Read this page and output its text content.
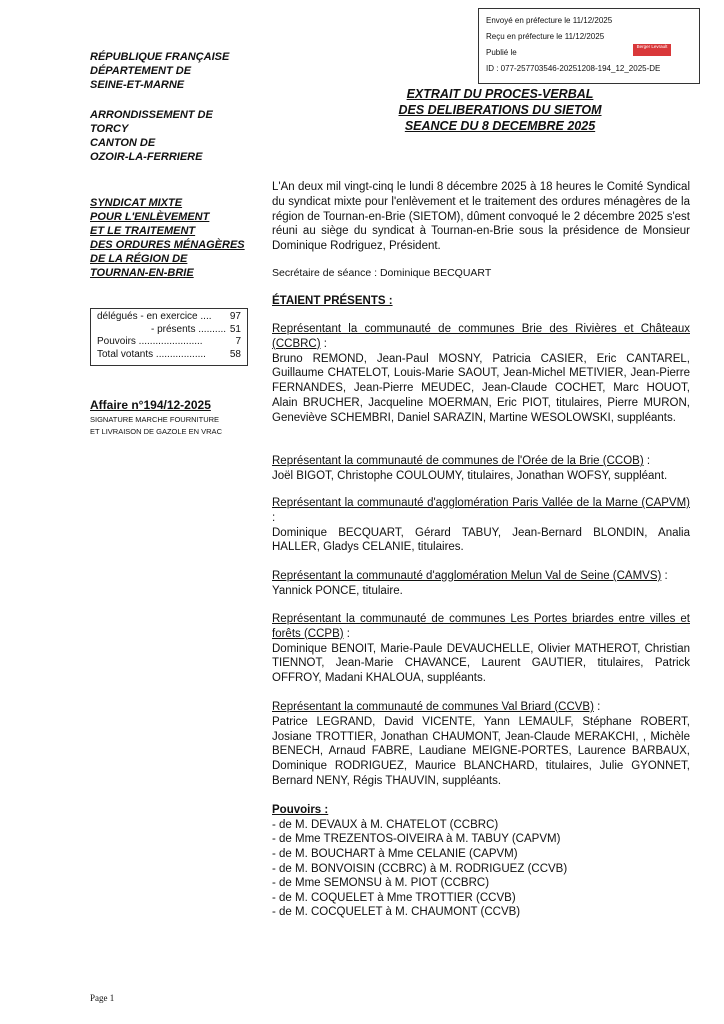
Envoyé en préfecture le 11/12/2025
Reçu en préfecture le 11/12/2025
Publié le
ID : 077-257703546-20251208-194_12_2025-DE
Berger Levrault
RÉPUBLIQUE FRANÇAISE
DÉPARTEMENT DE
SEINE-ET-MARNE
ARRONDISSEMENT DE
TORCY
CANTON DE
OZOIR-LA-FERRIERE
SYNDICAT MIXTE
POUR L'ENLÈVEMENT
ET LE TRAITEMENT
DES ORDURES MÉNAGÈRES
DE LA RÉGION DE
TOURNAN-EN-BRIE
EXTRAIT DU PROCES-VERBAL
DES DELIBERATIONS DU SIETOM
SEANCE DU 8 DECEMBRE 2025
délégués - en exercice .... 97
- présents .......... 51
Pouvoirs .......................	7
Total votants .................. 58
Affaire n°194/12-2025
SIGNATURE MARCHE FOURNITURE
ET LIVRAISON DE GAZOLE EN VRAC
L'An deux mil vingt-cinq le lundi 8 décembre 2025 à 18 heures le Comité Syndical du syndicat mixte pour l'enlèvement et le traitement des ordures ménagères de la région de Tournan-en-Brie (SIETOM), dûment convoqué le 2 décembre 2025 s'est réuni au siège du syndicat à Tournan-en-Brie sous la présidence de Monsieur Dominique Rodriguez, Président.
Secrétaire de séance : Dominique BECQUART
ÉTAIENT PRÉSENTS :
Représentant la communauté de communes Brie des Rivières et Châteaux (CCBRC) :
Bruno REMOND, Jean-Paul MOSNY, Patricia CASIER, Eric CANTAREL, Guillaume CHATELOT, Louis-Marie SAOUT, Jean-Michel METIVIER, Jean-Pierre FERNANDES, Jean-Pierre MEUDEC, Jean-Claude COCHET, Marc HOUOT, Alain BRUCHER, Jacqueline MOERMAN, Eric PIOT, titulaires, Pierre MURON, Geneviève SCHEMBRI, Daniel SARAZIN, Martine WESOLOWSKI, suppléants.
Représentant la communauté de communes de l'Orée de la Brie (CCOB) :
Joël BIGOT, Christophe COULOUMY, titulaires, Jonathan WOFSY, suppléant.
Représentant la communauté d'agglomération Paris Vallée de la Marne (CAPVM) :
Dominique BECQUART, Gérard TABUY, Jean-Bernard BLONDIN, Analia HALLER, Gladys CELANIE, titulaires.
Représentant la communauté d'agglomération Melun Val de Seine (CAMVS) :
Yannick PONCE, titulaire.
Représentant la communauté de communes Les Portes briardes entre villes et forêts (CCPB) :
Dominique BENOIT, Marie-Paule DEVAUCHELLE, Olivier MATHEROT, Christian TIENNOT, Jean-Marie CHAVANCE, Laurent GAUTIER, titulaires, Patrick OFFROY, Madani KHALOUA, suppléants.
Représentant la communauté de communes Val Briard (CCVB) :
Patrice LEGRAND, David VICENTE, Yann LEMAULF, Stéphane ROBERT, Josiane TROTTIER, Jonathan CHAUMONT, Jean-Claude MERAKCHI, , Michèle BENECH, Arnaud FABRE, Laudiane MEIGNE-PORTES, Laurence BARBAUX, Dominique RODRIGUEZ, Maurice BLANCHARD, titulaires, Julie GYONNET, Bernard NENY, Régis THAUVIN, suppléants.
Pouvoirs :
- de M. DEVAUX à M. CHATELOT (CCBRC)
- de Mme TREZENTOS-OIVEIRA à M. TABUY (CAPVM)
- de M. BOUCHART à Mme CELANIE (CAPVM)
- de M. BONVOISIN (CCBRC) à M. RODRIGUEZ (CCVB)
- de Mme SEMONSU à M. PIOT (CCBRC)
- de M. COQUELET à Mme TROTTIER (CCVB)
- de M. COCQUELET à M. CHAUMONT (CCVB)
Page 1
